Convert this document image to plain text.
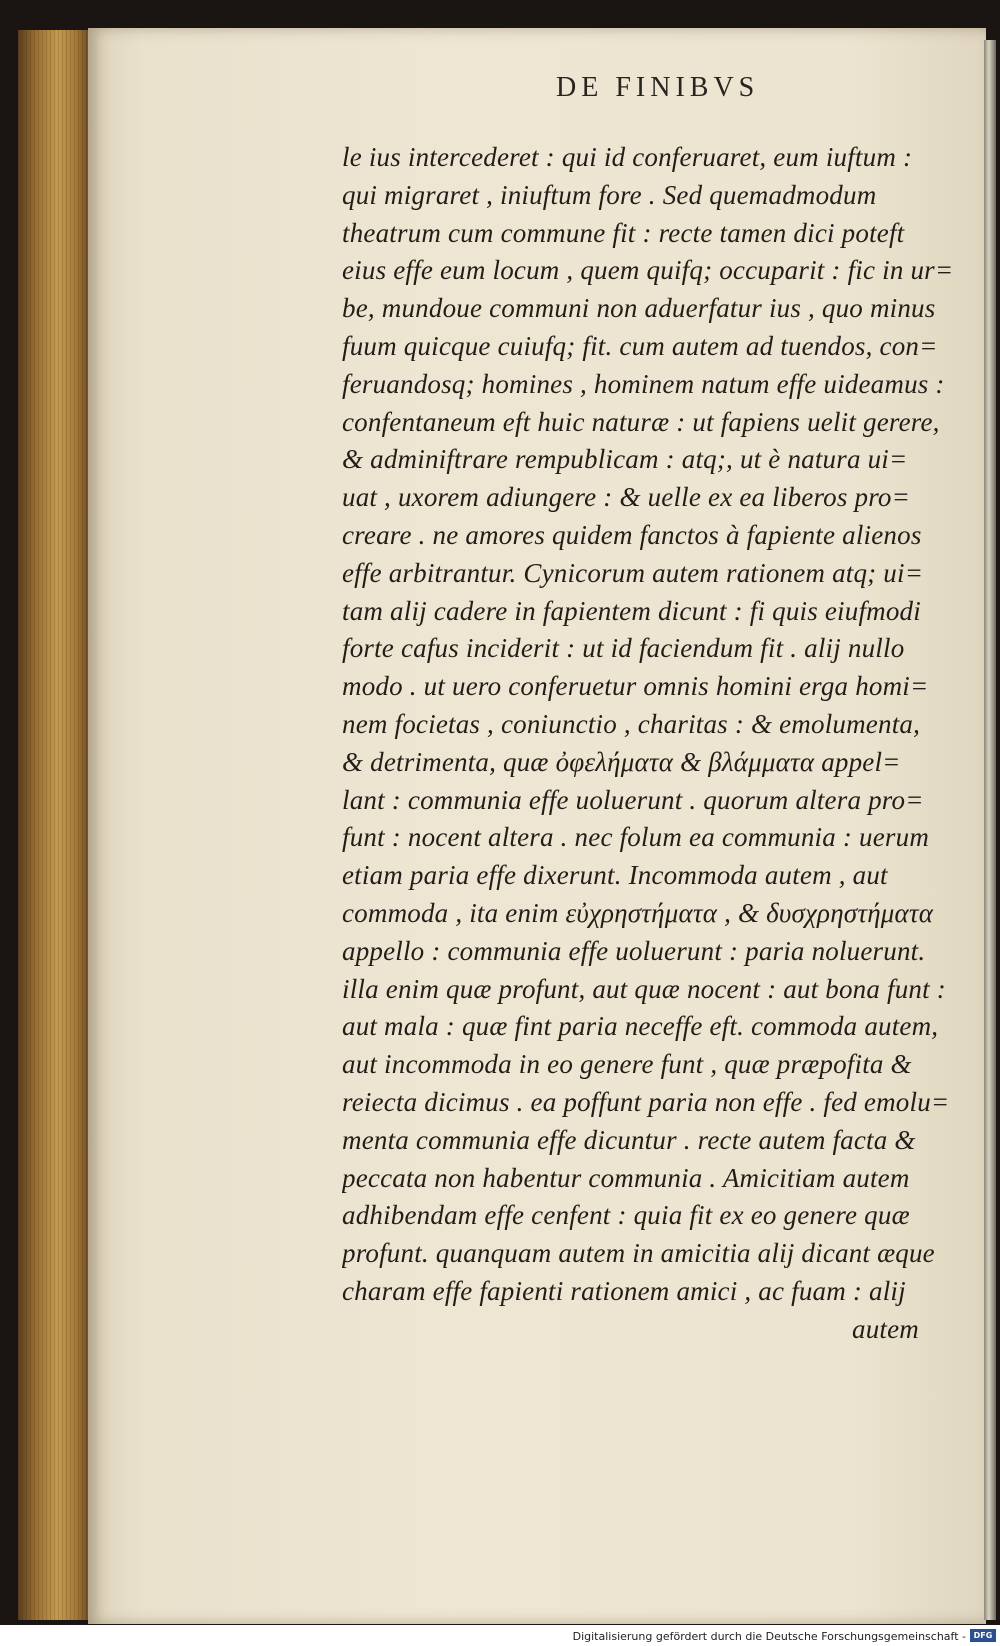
DE FINIBVS
le ius intercederet : qui id conferuaret, eum iuftum :
qui migraret , iniuftum fore . Sed quemadmodum
theatrum cum commune fit : recte tamen dici poteft
eius effe eum locum , quem quifq; occuparit : fic in ur=
be, mundoue communi non aduerfatur ius , quo minus
fuum quicque cuiufq; fit. cum autem ad tuendos, con=
feruandosq; homines , hominem natum effe uideamus :
confentaneum eft huic naturæ : ut fapiens uelit gerere,
& adminiftrare rempublicam : atq;, ut è natura ui=
uat , uxorem adiungere : & uelle ex ea liberos pro=
creare . ne amores quidem fanctos à fapiente alienos
effe arbitrantur. Cynicorum autem rationem atq; ui=
tam alij cadere in fapientem dicunt : fi quis eiufmodi
forte cafus inciderit : ut id faciendum fit . alij nullo
modo . ut uero conferuetur omnis homini erga homi=
nem focietas , coniunctio , charitas : & emolumenta,
& detrimenta, quæ ὀφελήματα & βλάμματα appel=
lant : communia effe uoluerunt . quorum altera pro=
funt : nocent altera . nec folum ea communia : uerum
etiam paria effe dixerunt. Incommoda autem , aut
commoda , ita enim εὐχρηστήματα , & δυσχρηστήματα
appello : communia effe uoluerunt : paria noluerunt.
illa enim quæ profunt, aut quæ nocent : aut bona funt :
aut mala : quæ fint paria neceffe eft. commoda autem,
aut incommoda in eo genere funt , quæ præpofita &
reiecta dicimus . ea poffunt paria non effe . fed emolu=
menta communia effe dicuntur . recte autem facta &
peccata non habentur communia . Amicitiam autem
adhibendam effe cenfent : quia fit ex eo genere quæ
profunt. quanquam autem in amicitia alij dicant æque
charam effe fapienti rationem amici , ac fuam : alij
autem
Digitalisierung gefördert durch die Deutsche Forschungsgemeinschaft - DFG
